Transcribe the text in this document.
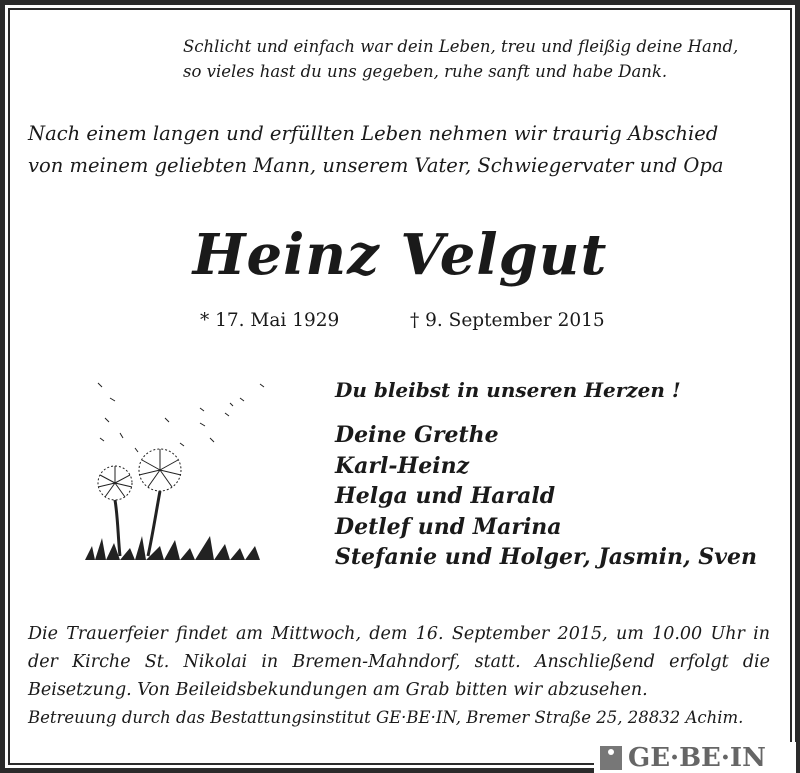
Schlicht und einfach war dein Leben, treu und fleißig deine Hand,
so vieles hast du uns gegeben, ruhe sanft und habe Dank.
Nach einem langen und erfüllten Leben nehmen wir traurig Abschied
von meinem geliebten Mann, unserem Vater, Schwiegervater und Opa
Heinz Velgut
* 17. Mai 1929	† 9. September 2015
Du bleibst in unseren Herzen !
Deine Grethe
Karl-Heinz
Helga und Harald
Detlef und Marina
Stefanie und Holger, Jasmin, Sven
Die Trauerfeier findet am Mittwoch, dem 16. September 2015, um 10.00 Uhr in der Kirche St. Nikolai in Bremen-Mahndorf, statt. Anschließend erfolgt die Beisetzung. Von Beileidsbekundungen am Grab bitten wir abzusehen.
Betreuung durch das Bestattungsinstitut GE·BE·IN, Bremer Straße 25, 28832 Achim.
GE·BE·IN
